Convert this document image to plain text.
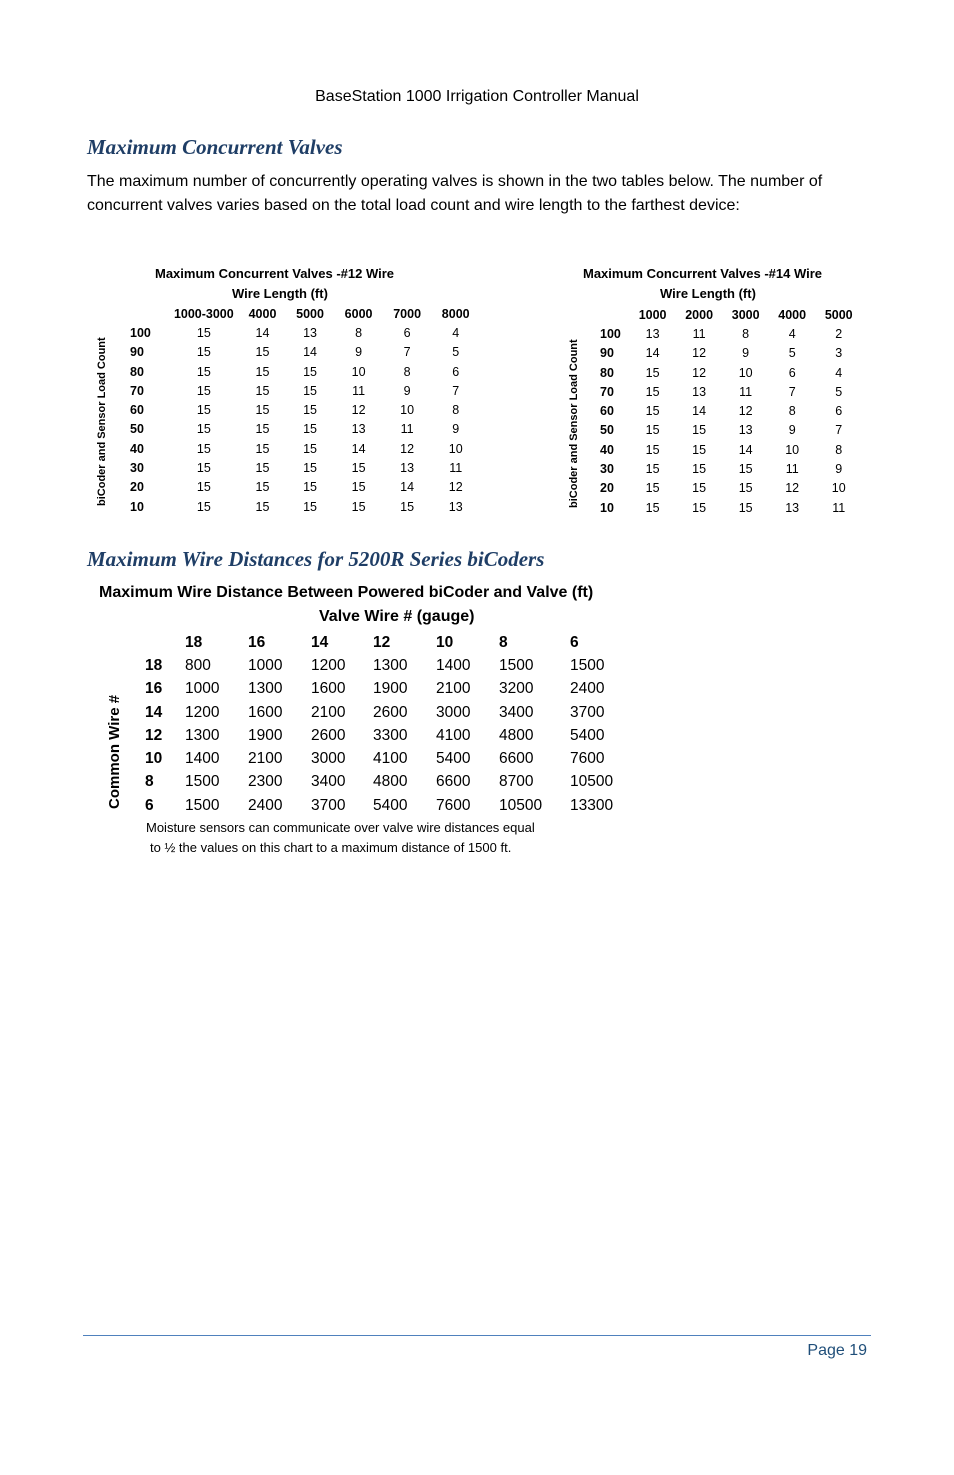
BaseStation 1000 Irrigation Controller Manual
Maximum Concurrent Valves

The maximum number of concurrently operating valves is shown in the two tables below. The number of concurrent valves varies based on the total load count and wire length to the farthest device:

Maximum Concurrent Valves -#12 Wire
Wire Length (ft)
biCoder and Sensor Load Count
	1000-3000	4000	5000	6000	7000	8000
100	15	14	13	8	6	4
90	15	15	14	9	7	5
80	15	15	15	10	8	6
70	15	15	15	11	9	7
60	15	15	15	12	10	8
50	15	15	15	13	11	9
40	15	15	15	14	12	10
30	15	15	15	15	13	11
20	15	15	15	15	14	12
10	15	15	15	15	15	13
Maximum Concurrent Valves -#14 Wire
Wire Length (ft)
biCoder and Sensor Load Count
	1000	2000	3000	4000	5000
100	13	11	8	4	2
90	14	12	9	5	3
80	15	12	10	6	4
70	15	13	11	7	5
60	15	14	12	8	6
50	15	15	13	9	7
40	15	15	14	10	8
30	15	15	15	11	9
20	15	15	15	12	10
10	15	15	15	13	11
Maximum Wire Distances for 5200R Series biCoders
Maximum Wire Distance Between Powered biCoder and Valve (ft)
Valve Wire # (gauge)
Common Wire #
	18	16	14	12	10	8	6
18	800	1000	1200	1300	1400	1500	1500
16	1000	1300	1600	1900	2100	3200	2400
14	1200	1600	2100	2600	3000	3400	3700
12	1300	1900	2600	3300	4100	4800	5400
10	1400	2100	3000	4100	5400	6600	7600
8	1500	2300	3400	4800	6600	8700	10500
6	1500	2400	3700	5400	7600	10500	13300
Moisture sensors can communicate over valve wire distances equal
to ½ the values on this chart to a maximum distance of 1500 ft.
Page 19
